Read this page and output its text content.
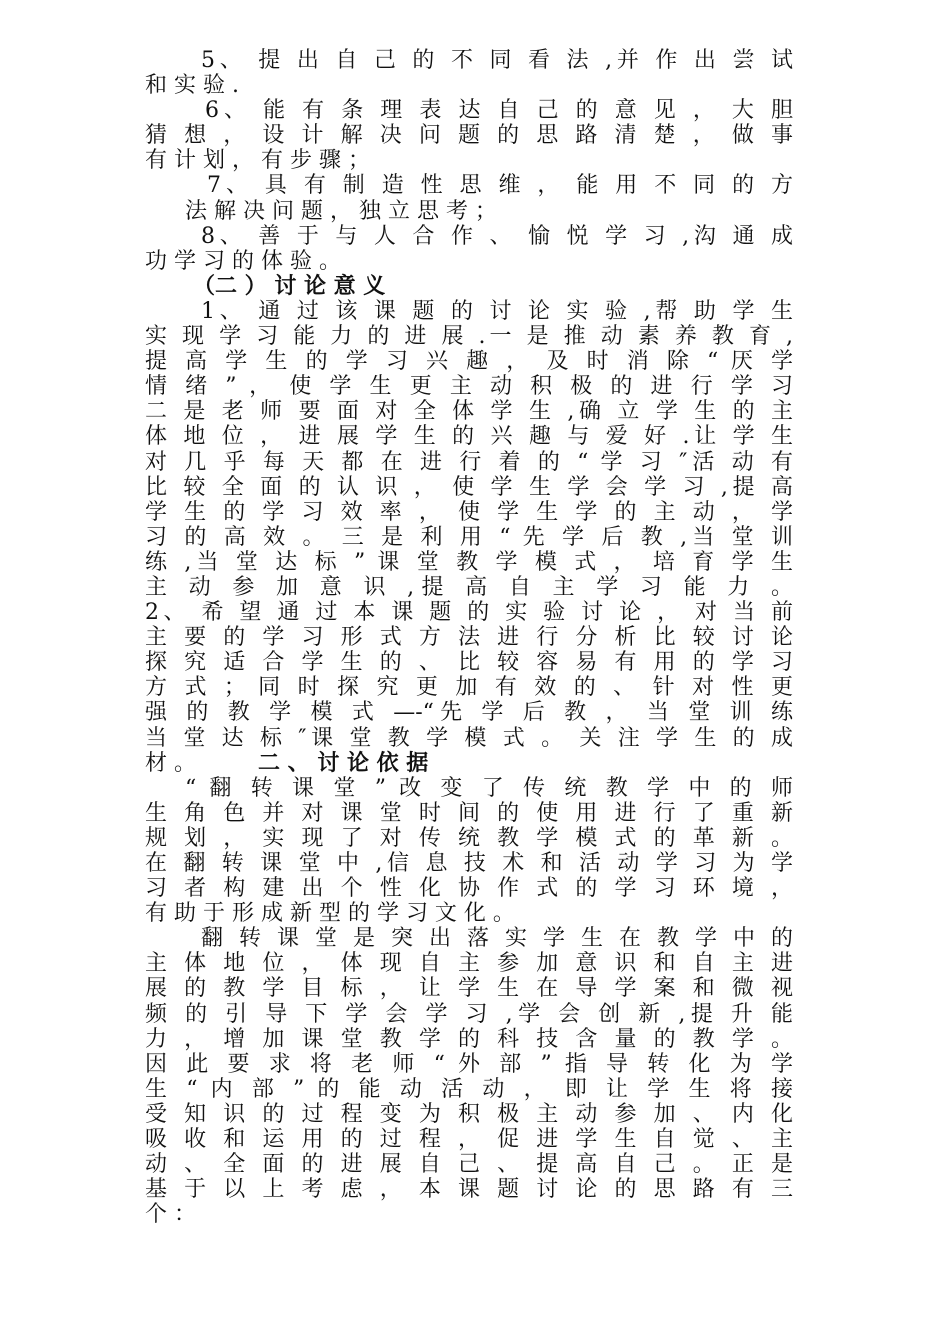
5、 提 出 自 己 的 不 同 看 法 ,并 作 出 尝 试
和 实 验 .
6、 能 有 条 理 表 达 自 己 的 意 见 ， 大 胆
猜 想 ， 设 计 解 决 问 题 的 思 路 清 楚 ， 做 事
有 计 划 ， 有 步 骤 ；
7、 具 有 制 造 性 思 维 ， 能 用 不 同 的 方
法 解 决 问 题 ， 独 立 思 考 ；
8、 善 于 与 人 合 作 、 愉 悦 学 习 ,沟 通 成
功 学 习 的 体 验 。
（二 ） 讨 论 意 义
1、 通 过 该 课 题 的 讨 论 实 验 ,帮 助 学 生
实 现 学 习 能 力 的 进 展 .一 是 推 动 素 养 教 育 ,
提 高 学 生 的 学 习 兴 趣 ， 及 时 消 除 “ 厌 学
情 绪 ” ， 使 学 生 更 主 动 积 极 的 进 行 学 习
二 是 老 师 要 面 对 全 体 学 生 ,确 立 学 生 的 主
体 地 位 ， 进 展 学 生 的 兴 趣 与 爱 好 .让 学 生
对 几 乎 每 天 都 在 进 行 着 的 “ 学 习 ″活 动 有
比 较 全 面 的 认 识 ， 使 学 生 学 会 学 习 ,提 高
学 生 的 学 习 效 率 ， 使 学 生 学 的 主 动 ， 学
习 的 高 效 。 三 是 利 用 “ 先 学 后 教 ,当 堂 训
练 ,当 堂 达 标 ” 课 堂 教 学 模 式 ， 培 育 学 生
主 动 参 加 意 识 ,提 高 自 主 学 习 能 力 。
2、 希 望 通 过 本 课 题 的 实 验 讨 论 ， 对 当 前
主 要 的 学 习 形 式 方 法 进 行 分 析 比 较 讨 论
探 究 适 合 学 生 的 、 比 较 容 易 有 用 的 学 习
方 式 ； 同 时 探 究 更 加 有 效 的 、 针 对 性 更
强 的 教 学 模 式 —-“先 学 后 教 ， 当 堂 训 练
当 堂 达 标 ″课 堂 教 学 模 式 。 关 注 学 生 的 成
材 。	二 、 讨 论 依 据
“ 翻 转 课 堂 ” 改 变 了 传 统 教 学 中 的 师
生 角 色 并 对 课 堂 时 间 的 使 用 进 行 了 重 新
规 划 ， 实 现 了 对 传 统 教 学 模 式 的 革 新 。
在 翻 转 课 堂 中 ,信 息 技 术 和 活 动 学 习 为 学
习 者 构 建 出 个 性 化 协 作 式 的 学 习 环 境 ，
有 助 于 形 成 新 型 的 学 习 文 化 。
翻 转 课 堂 是 突 出 落 实 学 生 在 教 学 中 的
主 体 地 位 ， 体 现 自 主 参 加 意 识 和 自 主 进
展 的 教 学 目 标 ， 让 学 生 在 导 学 案 和 微 视
频 的 引 导 下 学 会 学 习 ,学 会 创 新 ,提 升 能
力 ， 增 加 课 堂 教 学 的 科 技 含 量 的 教 学 。
因 此 要 求 将 老 师 “ 外 部 ” 指 导 转 化 为 学
生 “ 内 部 ” 的 能 动 活 动 ， 即 让 学 生 将 接
受 知 识 的 过 程 变 为 积 极 主 动 参 加 、 内 化
吸 收 和 运 用 的 过 程 ， 促 进 学 生 自 觉 、 主
动 、 全 面 的 进 展 自 己 、 提 高 自 己 。 正 是
基 于 以 上 考 虑 ， 本 课 题 讨 论 的 思 路 有 三
个 ：
